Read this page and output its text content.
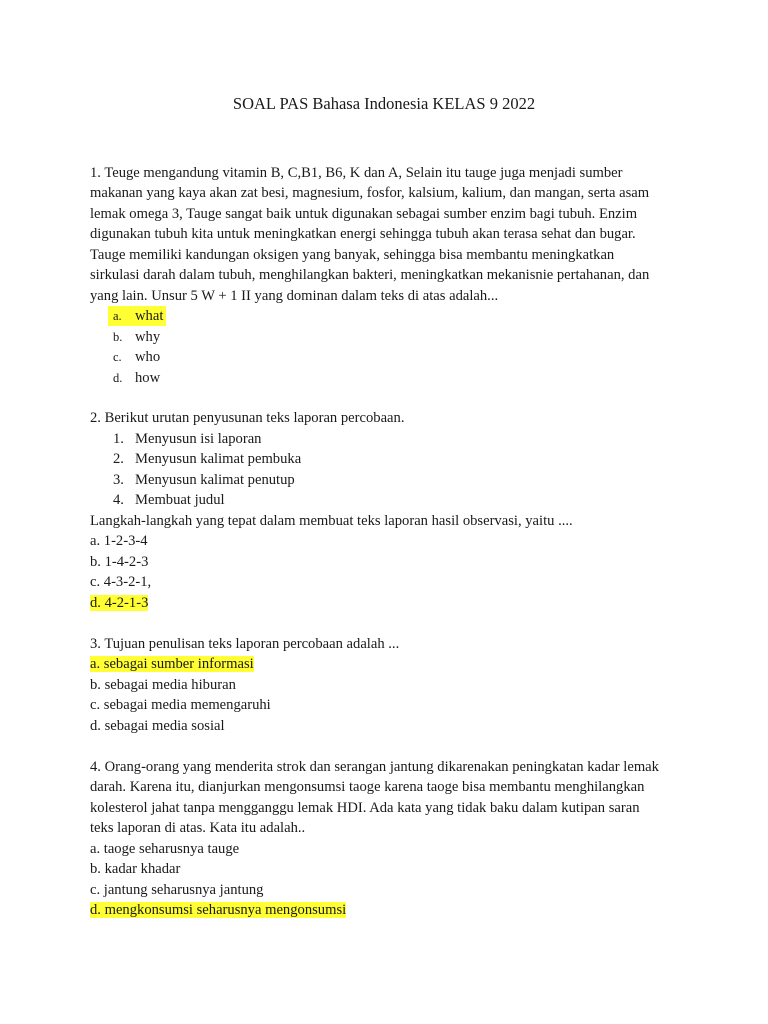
SOAL PAS Bahasa Indonesia KELAS 9 2022
1. Teuge mengandung vitamin B, C,B1, B6, K dan A, Selain itu tauge juga menjadi sumber
makanan yang kaya akan zat besi, magnesium, fosfor, kalsium, kalium, dan mangan, serta asam
lemak omega 3, Tauge sangat baik untuk digunakan sebagai sumber enzim bagi tubuh. Enzim
digunakan tubuh kita untuk meningkatkan energi sehingga tubuh akan terasa sehat dan bugar.
Tauge memiliki kandungan oksigen yang banyak, sehingga bisa membantu meningkatkan
sirkulasi darah dalam tubuh, menghilangkan bakteri, meningkatkan mekanisnie pertahanan, dan
yang lain. Unsur 5 W + 1 II yang dominan dalam teks di atas adalah...
a. what
b. why
c. who
d. how
2. Berikut urutan penyusunan teks laporan percobaan.
1. Menyusun isi laporan
2. Menyusun kalimat pembuka
3. Menyusun kalimat penutup
4. Membuat judul
Langkah-langkah yang tepat dalam membuat teks laporan hasil observasi, yaitu ....
a. 1-2-3-4
b. 1-4-2-3
c. 4-3-2-1,
d. 4-2-1-3
3. Tujuan penulisan teks laporan percobaan adalah ...
a. sebagai sumber informasi
b. sebagai media hiburan
c. sebagai media memengaruhi
d. sebagai media sosial
4. Orang-orang yang menderita strok dan serangan jantung dikarenakan peningkatan kadar lemak
darah. Karena itu, dianjurkan mengonsumsi taoge karena taoge bisa membantu menghilangkan
kolesterol jahat tanpa mengganggu lemak HDI. Ada kata yang tidak baku dalam kutipan saran
teks laporan di atas. Kata itu adalah..
a. taoge seharusnya tauge
b. kadar khadar
c. jantung seharusnya jantung
d. mengkonsumsi seharusnya mengonsumsi
